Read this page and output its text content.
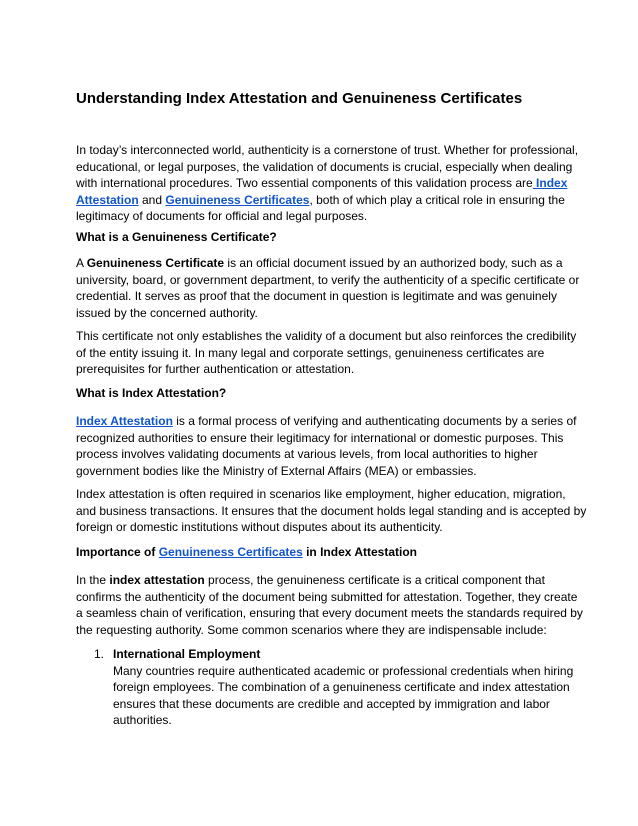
Understanding Index Attestation and Genuineness Certificates

In today’s interconnected world, authenticity is a cornerstone of trust. Whether for professional,
educational, or legal purposes, the validation of documents is crucial, especially when dealing
with international procedures. Two essential components of this validation process are Index
Attestation and Genuineness Certificates, both of which play a critical role in ensuring the
legitimacy of documents for official and legal purposes.

What is a Genuineness Certificate?

A Genuineness Certificate is an official document issued by an authorized body, such as a
university, board, or government department, to verify the authenticity of a specific certificate or
credential. It serves as proof that the document in question is legitimate and was genuinely
issued by the concerned authority.

This certificate not only establishes the validity of a document but also reinforces the credibility
of the entity issuing it. In many legal and corporate settings, genuineness certificates are
prerequisites for further authentication or attestation.

What is Index Attestation?

Index Attestation is a formal process of verifying and authenticating documents by a series of
recognized authorities to ensure their legitimacy for international or domestic purposes. This
process involves validating documents at various levels, from local authorities to higher
government bodies like the Ministry of External Affairs (MEA) or embassies.

Index attestation is often required in scenarios like employment, higher education, migration,
and business transactions. It ensures that the document holds legal standing and is accepted by
foreign or domestic institutions without disputes about its authenticity.

Importance of Genuineness Certificates in Index Attestation

In the index attestation process, the genuineness certificate is a critical component that
confirms the authenticity of the document being submitted for attestation. Together, they create
a seamless chain of verification, ensuring that every document meets the standards required by
the requesting authority. Some common scenarios where they are indispensable include:

1. International Employment
Many countries require authenticated academic or professional credentials when hiring
foreign employees. The combination of a genuineness certificate and index attestation
ensures that these documents are credible and accepted by immigration and labor
authorities.
